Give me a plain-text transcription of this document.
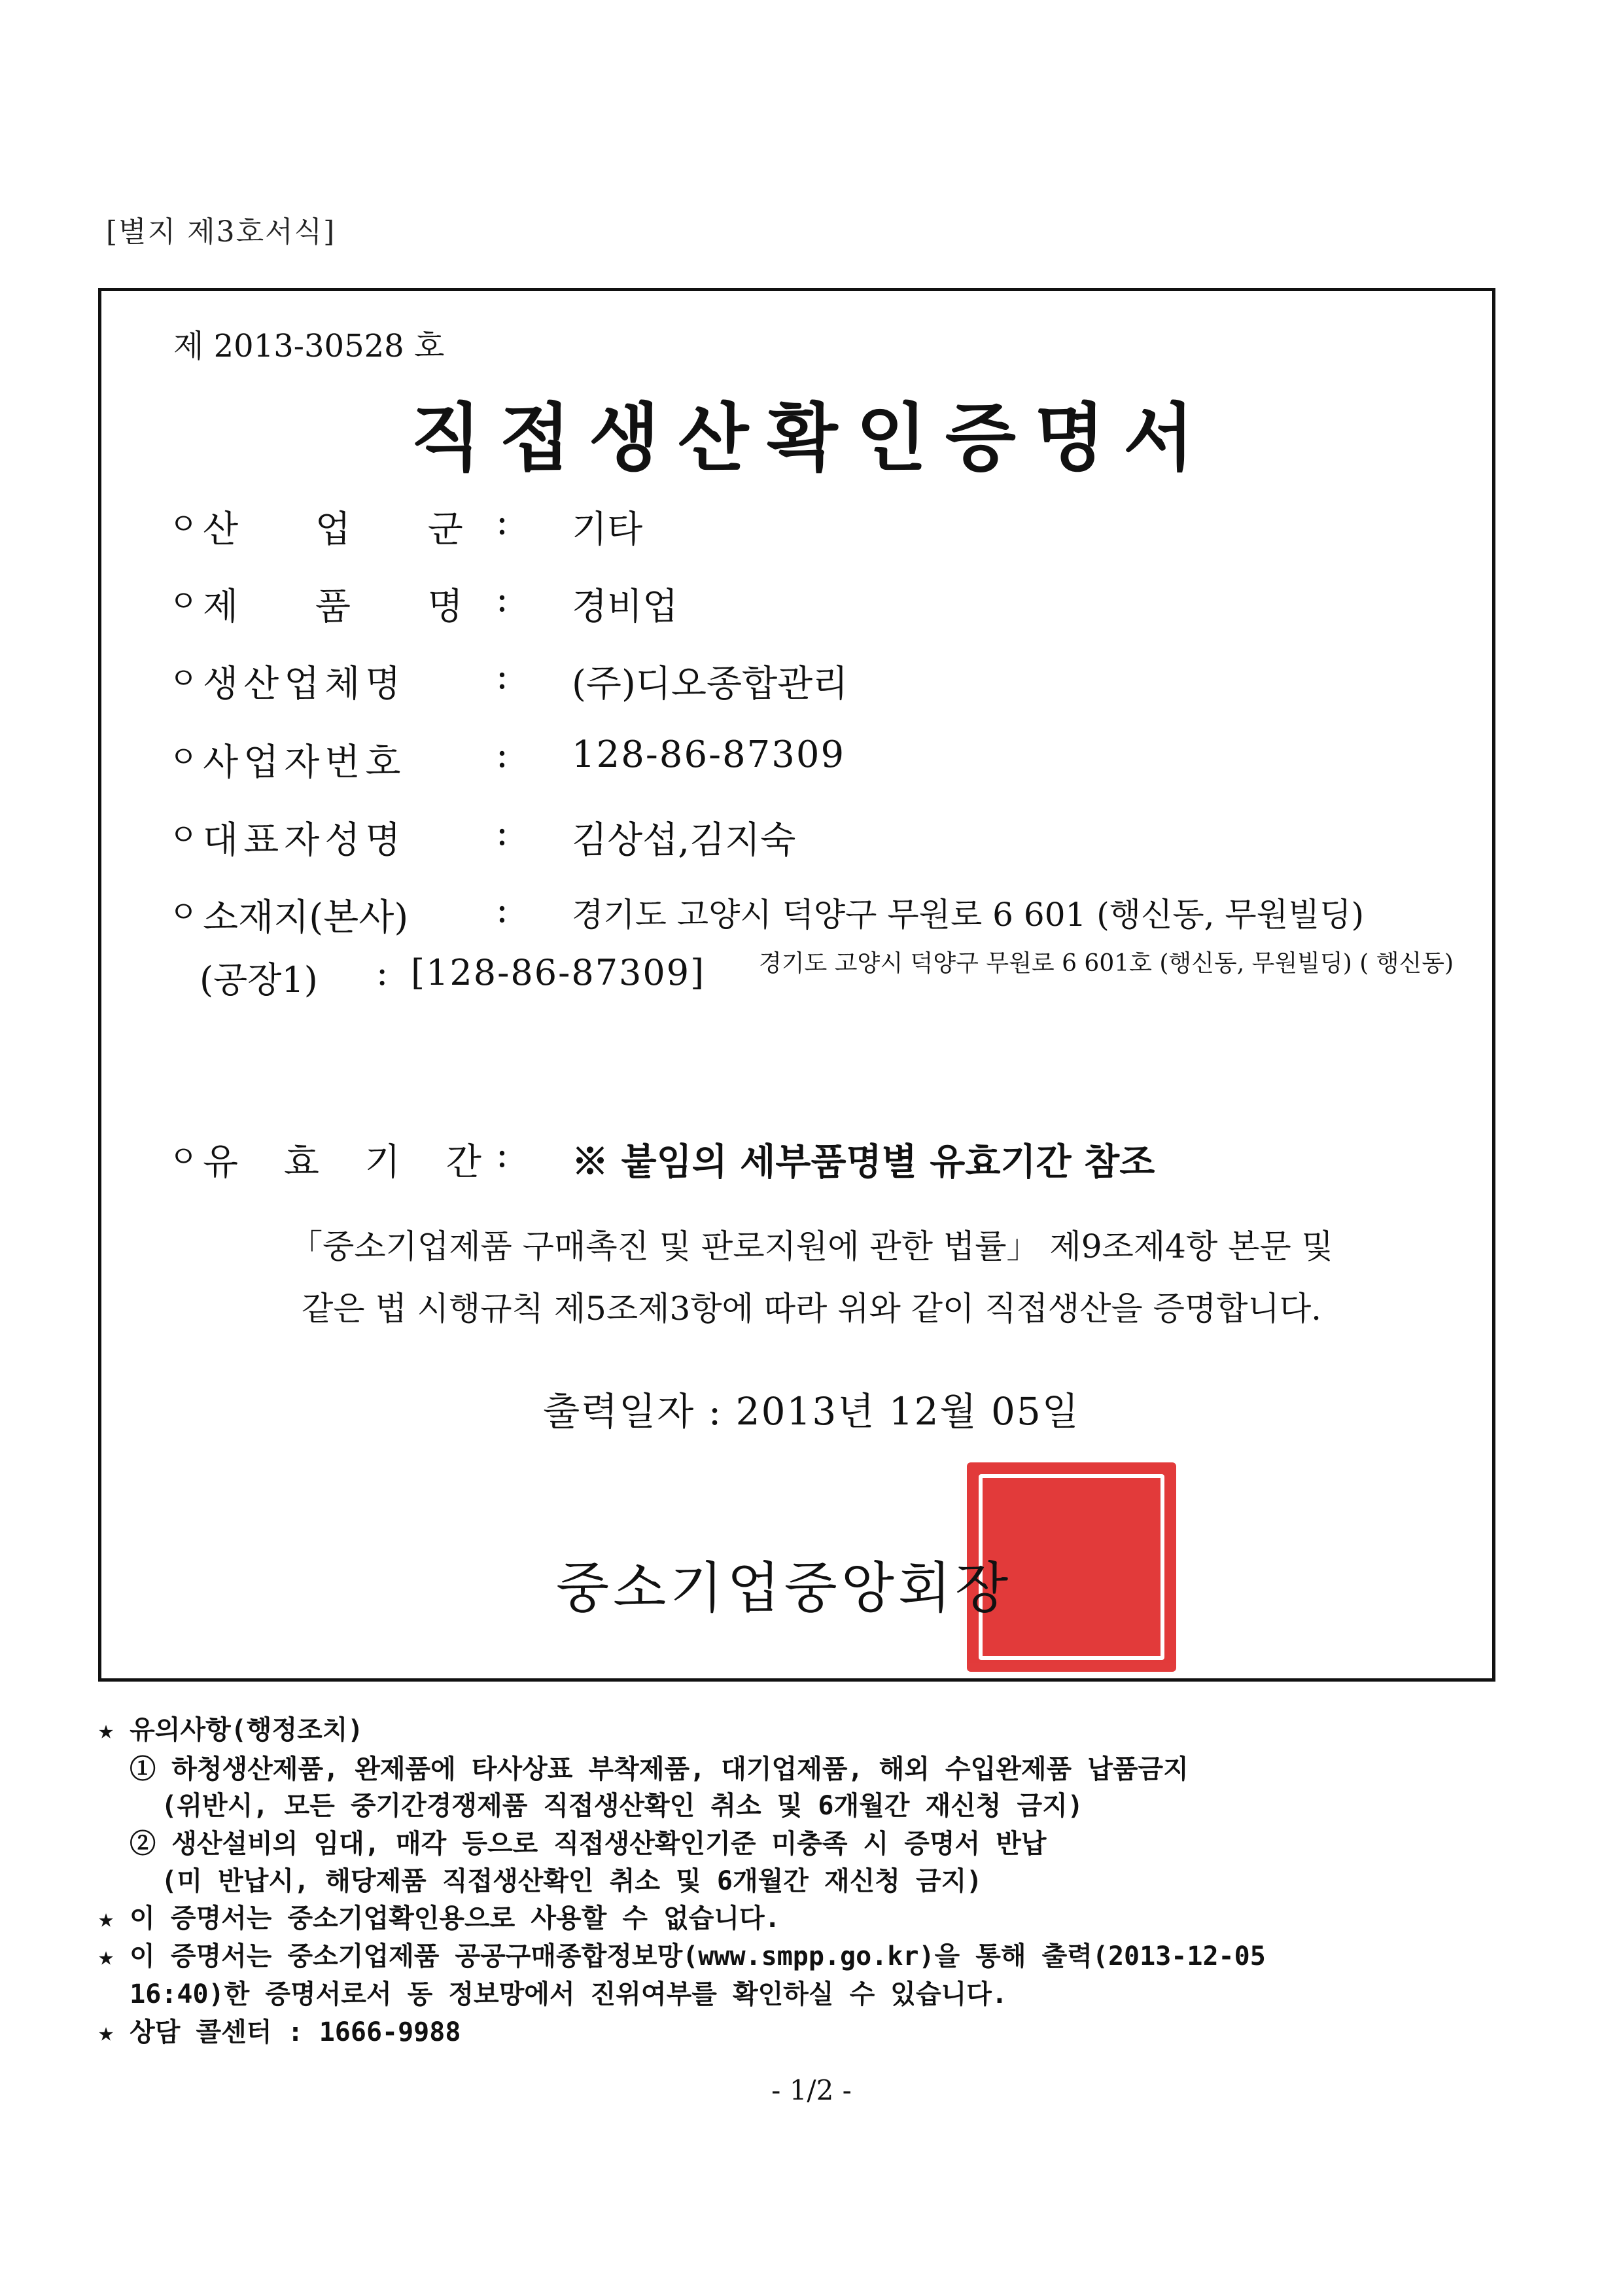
[별지 제3호서식]
제 2013-30528 호
직접생산확인증명서
ㅇ 산 업 군 : 기타
ㅇ 제 품 명 : 경비업
ㅇ 생산업체명 : (주)디오종합관리
ㅇ 사업자번호 : 128-86-87309
ㅇ 대표자성명 : 김상섭,김지숙
ㅇ 소재지(본사) : 경기도 고양시 덕양구 무원로 6 601 (행신동, 무원빌딩)
(공장1) : [128-86-87309] 경기도 고양시 덕양구 무원로 6 601호 (행신동, 무원빌딩) ( 행신동)
ㅇ 유 효 기 간
: ※ 붙임의 세부품명별 유효기간 참조
「중소기업제품 구매촉진 및 판로지원에 관한 법률」 제9조제4항 본문 및
같은 법 시행규칙 제5조제3항에 따라 위와 같이 직접생산을 증명합니다.
출력일자 : 2013년 12월 05일
중소기업중앙회장
★ 유의사항(행정조치)
① 하청생산제품, 완제품에 타사상표 부착제품, 대기업제품, 해외 수입완제품 납품금지
(위반시, 모든 중기간경쟁제품 직접생산확인 취소 및 6개월간 재신청 금지)
② 생산설비의 임대, 매각 등으로 직접생산확인기준 미충족 시 증명서 반납
(미 반납시, 해당제품 직접생산확인 취소 및 6개월간 재신청 금지)
★ 이 증명서는 중소기업확인용으로 사용할 수 없습니다.
★ 이 증명서는 중소기업제품 공공구매종합정보망(www.smpp.go.kr)을 통해 출력(2013-12-05
16:40)한 증명서로서 동 정보망에서 진위여부를 확인하실 수 있습니다.
★ 상담 콜센터 : 1666-9988
- 1/2 -
